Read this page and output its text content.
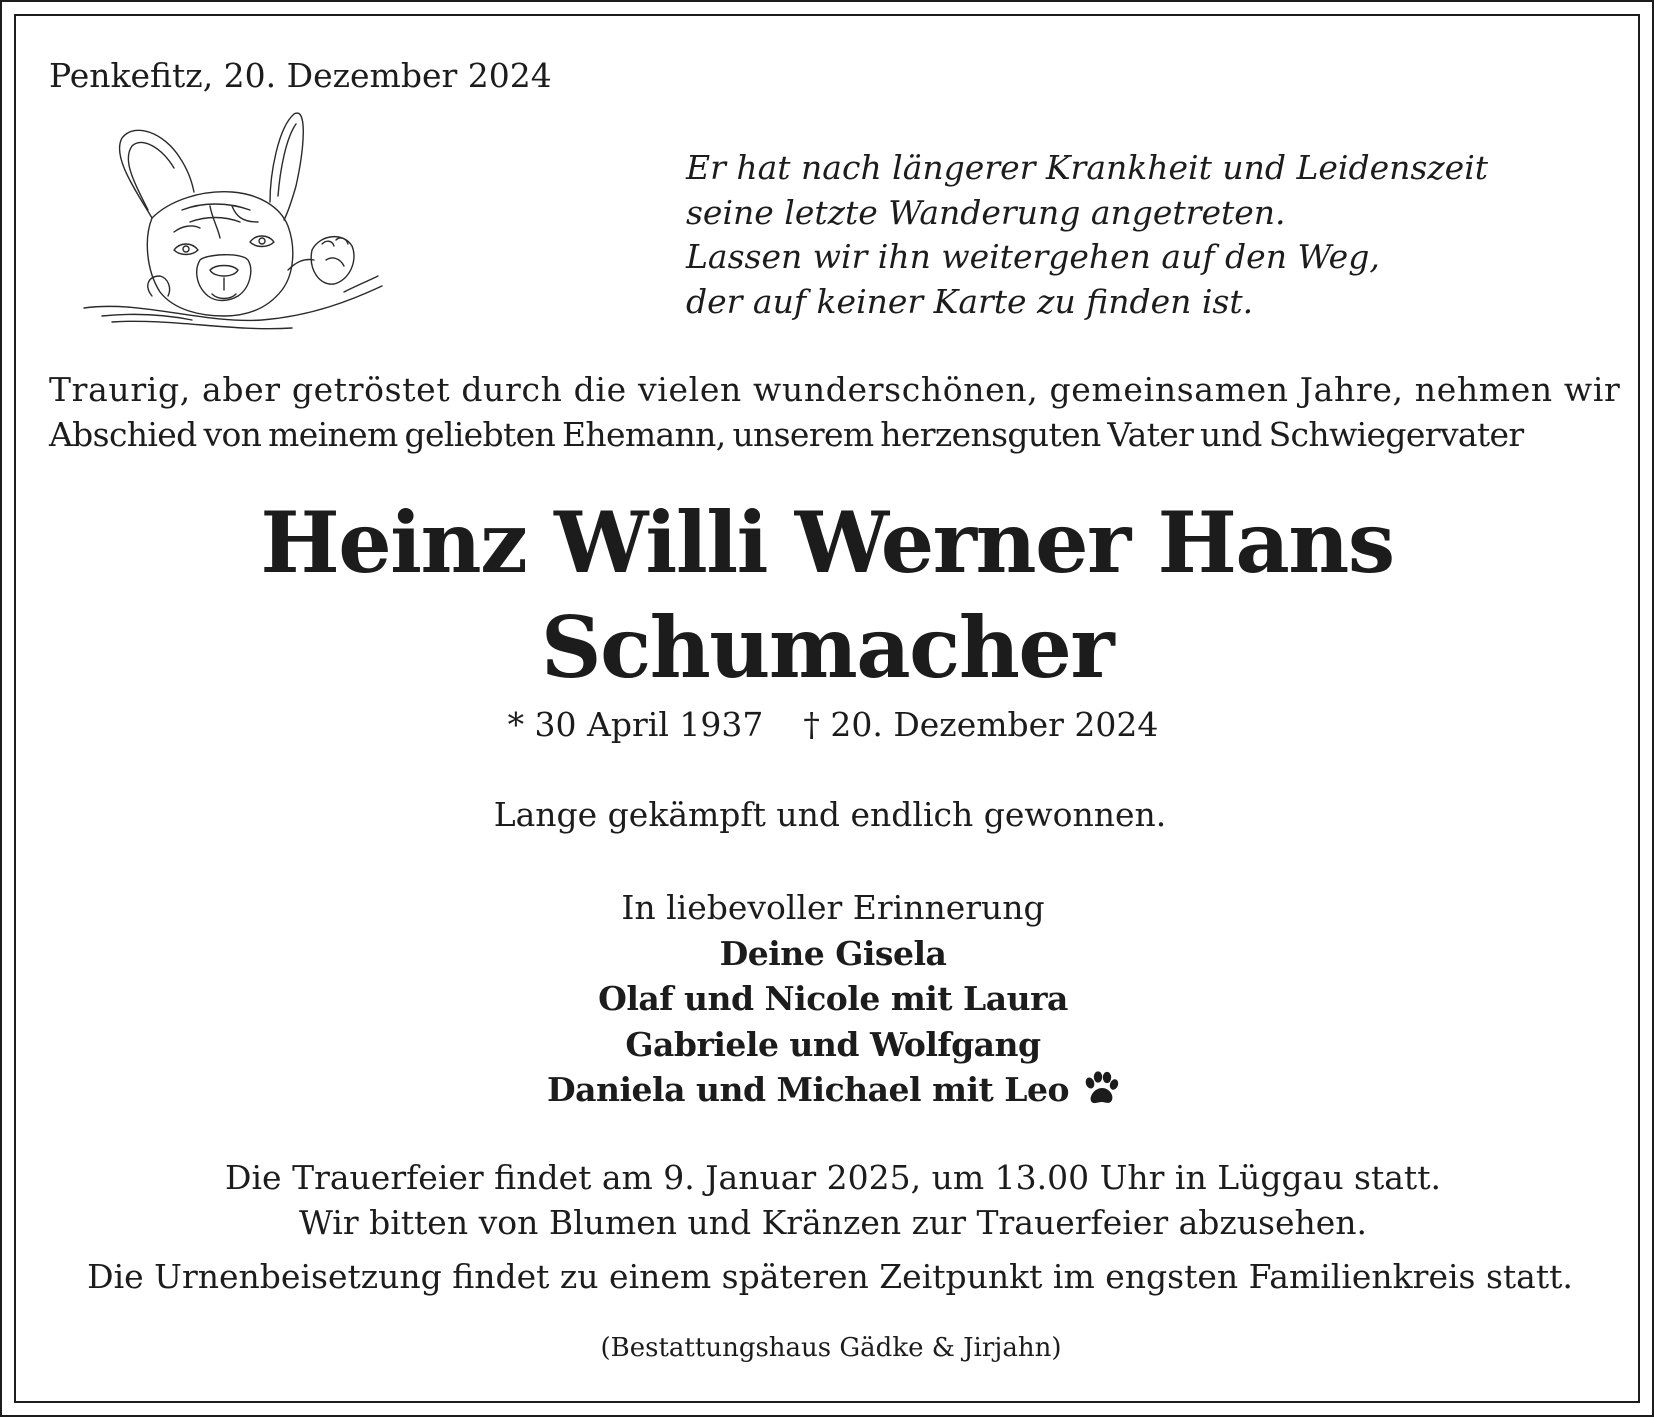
Penkefitz, 20. Dezember 2024
Er hat nach längerer Krankheit und Leidenszeit
seine letzte Wanderung angetreten.
Lassen wir ihn weitergehen auf den Weg,
der auf keiner Karte zu finden ist.
Traurig, aber getröstet durch die vielen wunderschönen, gemeinsamen Jahre, nehmen wir
Abschied von meinem geliebten Ehemann, unserem herzensguten Vater und Schwiegervater
Heinz Willi Werner Hans
Schumacher
* 30 April 1937 † 20. Dezember 2024
Lange gekämpft und endlich gewonnen.
In liebevoller Erinnerung
Deine Gisela
Olaf und Nicole mit Laura
Gabriele und Wolfgang
Daniela und Michael mit Leo
Die Trauerfeier findet am 9. Januar 2025, um 13.00 Uhr in Lüggau statt.
Wir bitten von Blumen und Kränzen zur Trauerfeier abzusehen.
Die Urnenbeisetzung findet zu einem späteren Zeitpunkt im engsten Familienkreis statt.
(Bestattungshaus Gädke & Jirjahn)
